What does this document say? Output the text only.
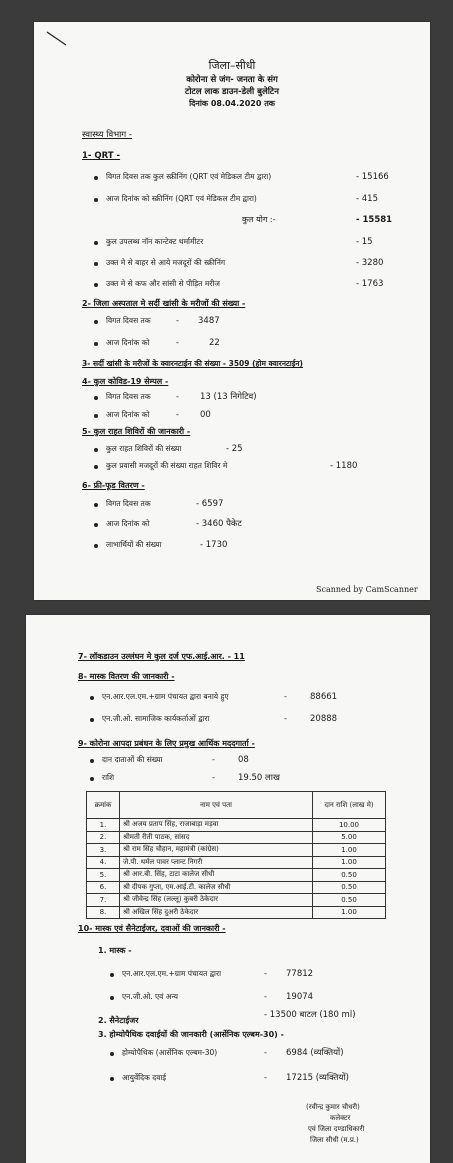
जिला–सीधी
कोरोना से जंग- जनता के संग
टोटल लाक डाउन-डेली बुलेटिन
दिनांक 08.04.2020 तक
स्वास्थ्य विभाग -
1- QRT -
विगत दिवस तक कुल स्क्रीनिंग (QRT एवं मेडिकल टीम द्वारा)	- 15166
आज दिनांक को स्क्रीनिंग (QRT एवं मेडिकल टीम द्वारा)	- 415
कुल योग :-	- 15581
कुल उपलब्ध नॉन कान्टेक्ट थर्मामीटर	- 15
उक्त मे से बाहर से आये मजदूरों की स्क्रीनिंग	- 3280
उक्त मे से कफ और सांसी से पीड़ित मरीज	- 1763
2- जिला अस्पताल मे सर्दी खांसी के मरीजों की संख्या -
विगत दिवस तक	- 3487
आज दिनांक को	-	22
3- सर्दी खांसी के मरीजों के क्वारनटाईन की संख्या - 3509 (होम क्वारनटाईन)
4- कुल कोविड-19 सेम्पल -
विगत दिवस तक	- 13 (13 निगेटिव)
आज दिनांक को	- 00
5- कुल राहत शिविरों की जानकारी -
कुल राहत शिविरों की संख्या	- 25
कुल प्रवासी मजदूरों की संख्या राहत शिविर मे	- 1180
6- फ्री-फूड वितरण -
विगत दिवस तक	- 6597
आज दिनांक को	- 3460 पैकेट
लाभार्थियों की संख्या	- 1730
Scanned by CamScanner
7- लॉकडाउन उल्लंघन मे कुल दर्ज एफ.आई.आर. - 11
8- मास्क वितरण की जानकारी -
एन.आर.एल.एम.+ग्राम पंचायत द्वारा बनाये हुए	-	88661
एन.जी.ओ. सामाजिक कार्यकर्ताओं द्वारा	-	20888
9- कोरोना आपदा प्रबंधन के लिए प्रमुख आर्थिक मददगार्ता -
दान दाताओं की संख्या	-	08
राशि	-	19.50 लाख
क्रमांक	नाम एवं पता	दान राशि (लाख मे)
1.	श्री अजय प्रताप सिंह, राजाबाड़ा मड़वा	10.00
2.	श्रीमती रीती पाठक, सांसद	5.00
3.	श्री राम सिंह चौहान, महामंत्री (कांग्रेस)	1.00
4.	जे.पी. थर्मल पावर प्लान्ट निगरी	1.00
5.	श्री आर.बी. सिंह, टाटा कालेज सीधी	0.50
6.	श्री दीपक गुप्ता, एम.आई.टी. कालेज सीधी	0.50
7.	श्री जीवेन्द्र सिंह (लल्लू) कुबरी ठेकेदार	0.50
8.	श्री अखिल सिंह दुअरी ठेकेदार	1.00
10- मास्क एवं सैनेटाईजर, दवाओं की जानकारी -
1. मास्क -
एन.आर.एल.एम.+ग्राम पंचायत द्वारा	- 77812
एन.जी.ओ. एवं अन्य	- 19074
2. सैनेटाईजर
- 13500 बाटल (180 ml)
3. होम्योपैथिक दवाईयों की जानकारी (आर्सेनिक एल्बम-30) -
होम्योपैथिक (आर्सेनिक एल्बम-30)	- 6984 (व्यक्तियों)
आयुर्वेदिक दवाई	- 17215 (व्यक्तियों)
(रवीन्द्र कुमार चौधरी)
कलेक्टर
एवं जिला दण्डाधिकारी
जिला सीधी (म.प्र.)
